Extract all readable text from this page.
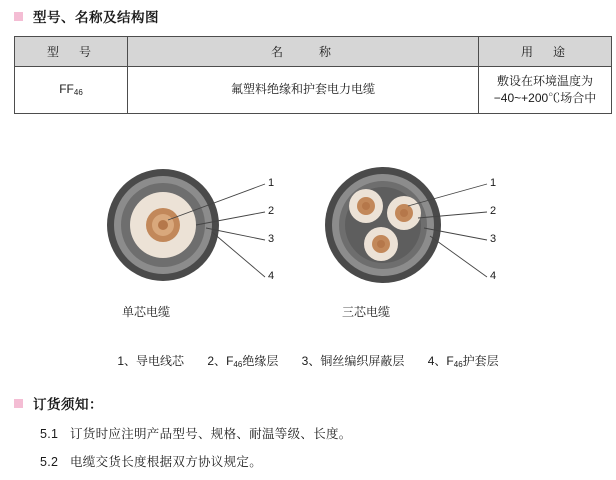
型号、名称及结构图
型　号	名　　称	用　途
FF46	氟塑料绝缘和护套电力电缆	敷设在环境温度为
−40~+200℃场合中
1
2
3
4
1
2
3
4
单芯电缆	三芯电缆
1、导电线芯 2、F46绝缘层 3、铜丝编织屏蔽层 4、F46护套层
订货须知：
5.1 订货时应注明产品型号、规格、耐温等级、长度。
5.2 电缆交货长度根据双方协议规定。
